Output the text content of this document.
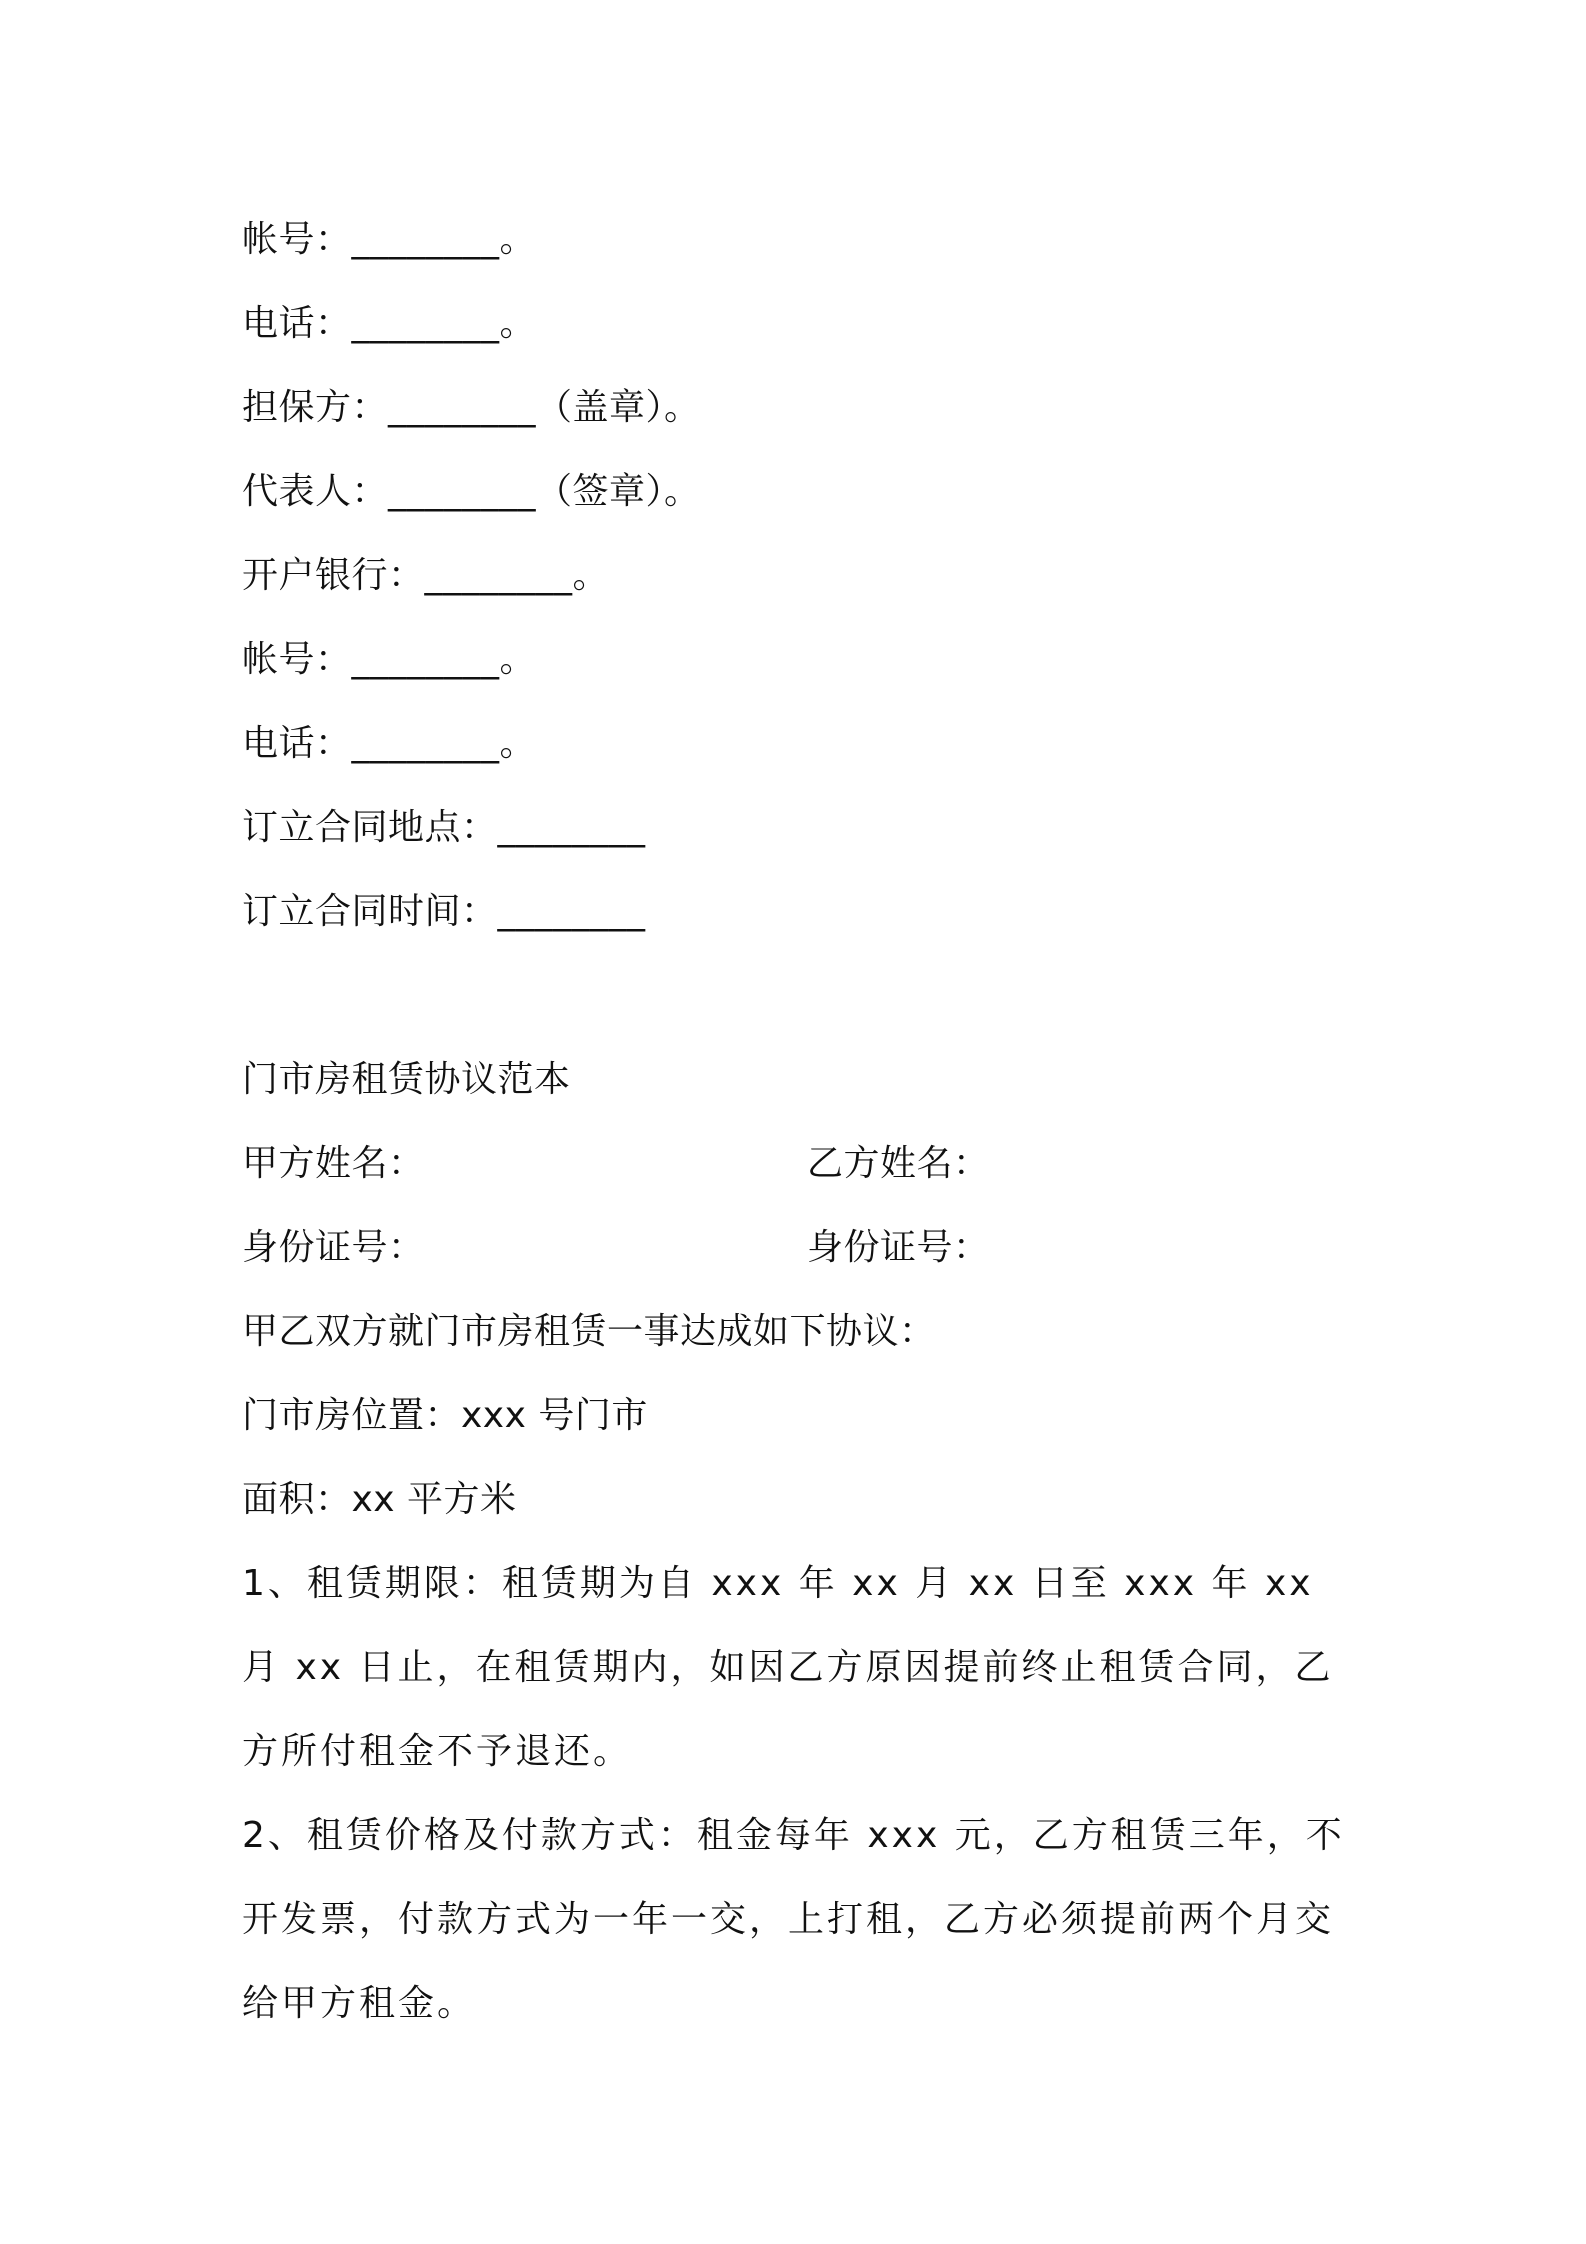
帐号：________。
电话：________。
担保方：________（盖章）。
代表人：________（签章）。
开户银行：________。
帐号：________。
电话：________。
订立合同地点：________
订立合同时间：________
门市房租赁协议范本
甲方姓名：	乙方姓名：
身份证号：	身份证号：
甲乙双方就门市房租赁一事达成如下协议：
门市房位置：xxx 号门市
面积：xx 平方米
1、租赁期限：租赁期为自 xxx 年 xx 月 xx 日至 xxx 年 xx 月 xx 日止，在租赁期内，如因乙方原因提前终止租赁合同，乙方所付租金不予退还。
2、租赁价格及付款方式：租金每年 xxx 元，乙方租赁三年，不开发票，付款方式为一年一交，上打租，乙方必须提前两个月交给甲方租金。
